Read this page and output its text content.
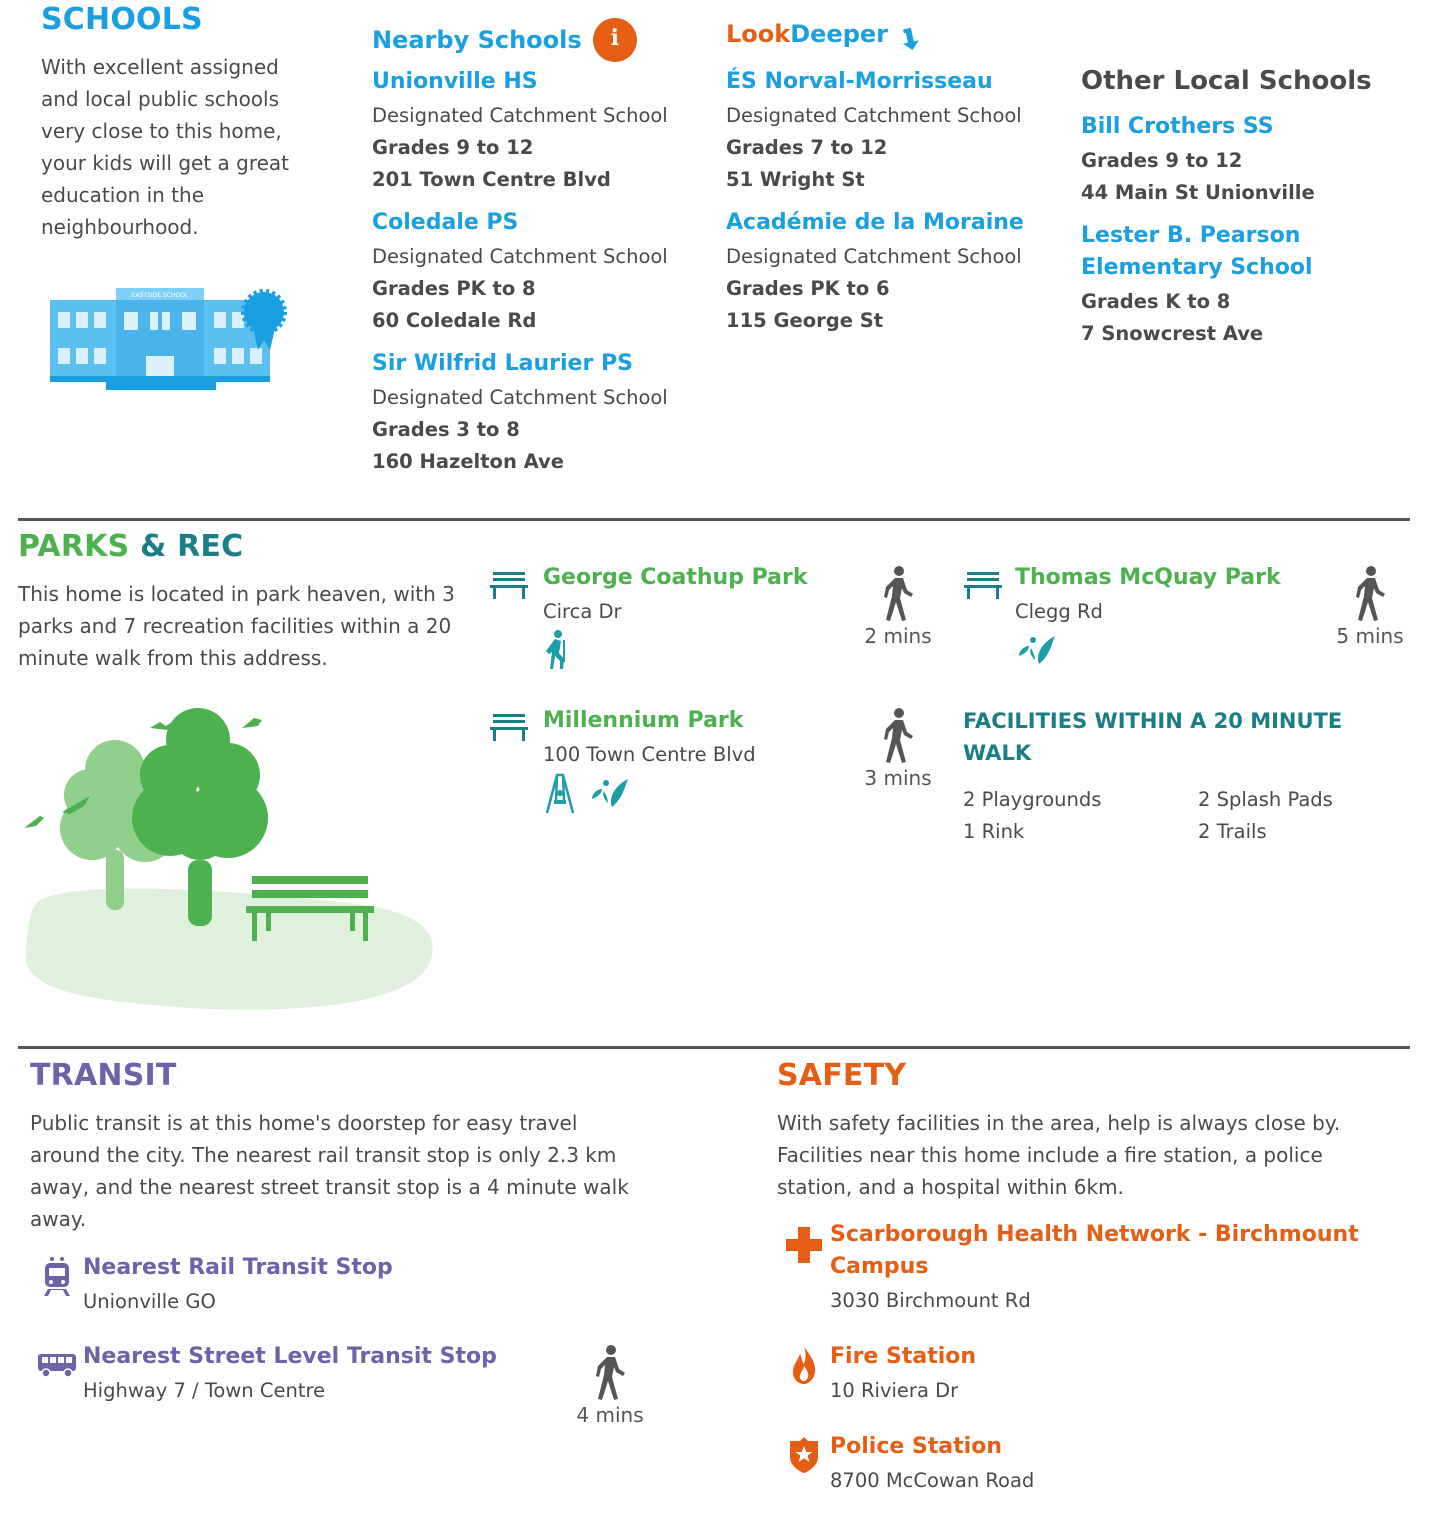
SCHOOLS
With excellent assigned
and local public schools
very close to this home,
your kids will get a great
education in the
neighbourhood.
EASTSIDE SCHOOL
Nearby Schools	i
Unionville HS
Designated Catchment School
Grades 9 to 12
201 Town Centre Blvd
Coledale PS
Designated Catchment School
Grades PK to 8
60 Coledale Rd
Sir Wilfrid Laurier PS
Designated Catchment School
Grades 3 to 8
160 Hazelton Ave
LookDeeper
ÉS Norval-Morrisseau
Designated Catchment School
Grades 7 to 12
51 Wright St
Académie de la Moraine
Designated Catchment School
Grades PK to 6
115 George St
Other Local Schools
Bill Crothers SS
Grades 9 to 12
44 Main St Unionville
Lester B. Pearson
Elementary School
Grades K to 8
7 Snowcrest Ave
PARKS & REC
This home is located in park heaven, with 3
parks and 7 recreation facilities within a 20
minute walk from this address.
George Coathup Park
Circa Dr
2 mins
Thomas McQuay Park
Clegg Rd
5 mins
Millennium Park
100 Town Centre Blvd

3 mins
FACILITIES WITHIN A 20 MINUTE
WALK
2 Playgrounds	2 Splash Pads
1 Rink	2 Trails
TRANSIT
Public transit is at this home's doorstep for easy travel
around the city. The nearest rail transit stop is only 2.3 km
away, and the nearest street transit stop is a 4 minute walk
away.
Nearest Rail Transit Stop
Unionville GO
Nearest Street Level Transit Stop
Highway 7 / Town Centre
4 mins
SAFETY
With safety facilities in the area, help is always close by.
Facilities near this home include a fire station, a police
station, and a hospital within 6km.
Scarborough Health Network - Birchmount
Campus
3030 Birchmount Rd
Fire Station
10 Riviera Dr
Police Station
8700 McCowan Road
